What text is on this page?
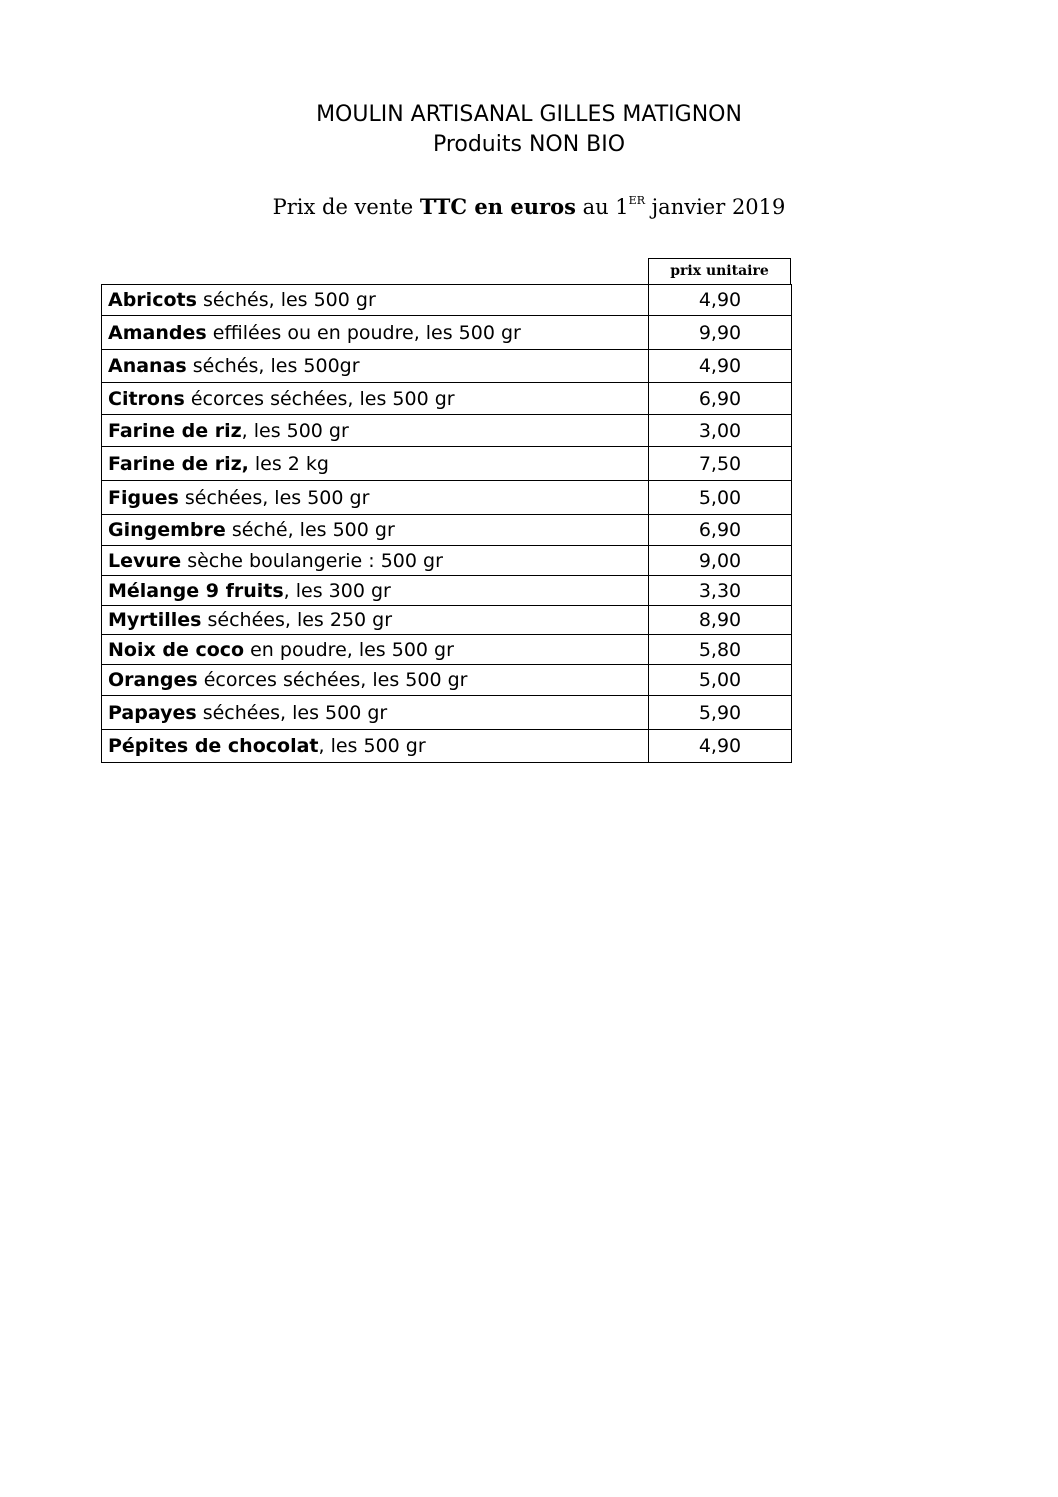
MOULIN ARTISANAL GILLES MATIGNON
Produits NON BIO
Prix de vente TTC en euros au 1ER janvier 2019
prix unitaire
Abricots séchés, les 500 gr	4,90
Amandes effilées ou en poudre, les 500 gr	9,90
Ananas séchés, les 500gr	4,90
Citrons écorces séchées, les 500 gr	6,90
Farine de riz, les 500 gr	3,00
Farine de riz, les 2 kg	7,50
Figues séchées, les 500 gr	5,00
Gingembre séché, les 500 gr	6,90
Levure sèche boulangerie : 500 gr	9,00
Mélange 9 fruits, les 300 gr	3,30
Myrtilles séchées, les 250 gr	8,90
Noix de coco en poudre, les 500 gr	5,80
Oranges écorces séchées, les 500 gr	5,00
Papayes séchées, les 500 gr	5,90
Pépites de chocolat, les 500 gr	4,90
